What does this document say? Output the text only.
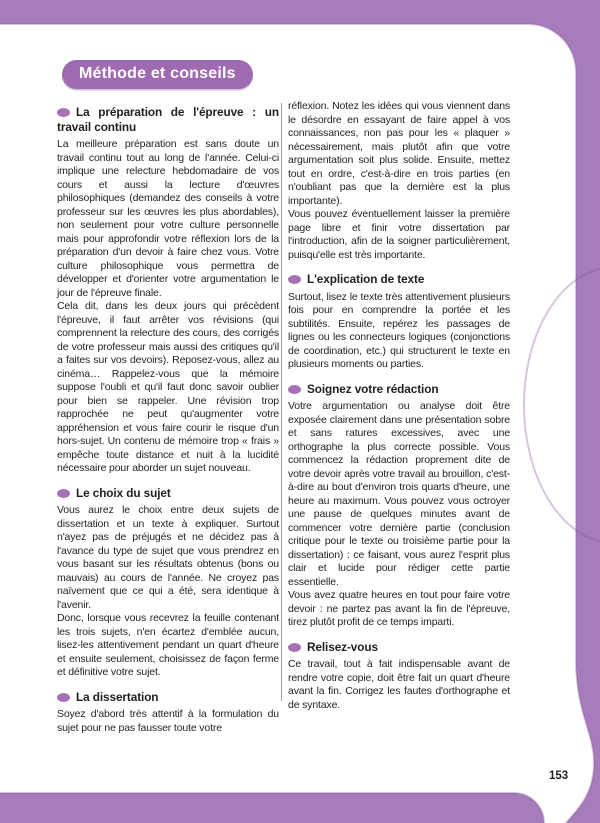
Méthode et conseils
La préparation de l'épreuve : un travail continu

La meilleure préparation est sans doute un travail continu tout au long de l'année. Celui-ci implique une relecture hebdomadaire de vos cours et aussi la lecture d'œuvres philosophiques (demandez des conseils à votre professeur sur les œuvres les plus abordables), non seulement pour votre culture personnelle mais pour approfondir votre réflexion lors de la préparation d'un devoir à faire chez vous. Votre culture philosophique vous permettra de développer et d'orienter votre argumentation le jour de l'épreuve finale.

Cela dit, dans les deux jours qui précèdent l'épreuve, il faut arrêter vos révisions (qui comprennent la relecture des cours, des corrigés de votre professeur mais aussi des critiques qu'il a faites sur vos devoirs). Reposez-vous, allez au cinéma… Rappelez-vous que la mémoire suppose l'oubli et qu'il faut donc savoir oublier pour bien se rappeler. Une révision trop rapprochée ne peut qu'augmenter votre appréhension et vous faire courir le risque d'un hors-sujet. Un contenu de mémoire trop « frais » empêche toute distance et nuit à la lucidité nécessaire pour aborder un sujet nouveau.

Le choix du sujet

Vous aurez le choix entre deux sujets de dissertation et un texte à expliquer. Surtout n'ayez pas de préjugés et ne décidez pas à l'avance du type de sujet que vous prendrez en vous basant sur les résultats obtenus (bons ou mauvais) au cours de l'année. Ne croyez pas naïvement que ce qui a été, sera identique à l'avenir.

Donc, lorsque vous recevrez la feuille contenant les trois sujets, n'en écartez d'emblée aucun, lisez-les attentivement pendant un quart d'heure et ensuite seulement, choisissez de façon ferme et définitive votre sujet.

La dissertation

Soyez d'abord très attentif à la formulation du sujet pour ne pas fausser toute votre

réflexion. Notez les idées qui vous viennent dans le désordre en essayant de faire appel à vos connaissances, non pas pour les « plaquer » nécessairement, mais plutôt afin que votre argumentation soit plus solide. Ensuite, mettez tout en ordre, c'est-à-dire en trois parties (en n'oubliant pas que la dernière est la plus importante).

Vous pouvez éventuellement laisser la première page libre et finir votre dissertation par l'introduction, afin de la soigner particulièrement, puisqu'elle est très importante.

L'explication de texte

Surtout, lisez le texte très attentivement plusieurs fois pour en comprendre la portée et les subtilités. Ensuite, repérez les passages de lignes ou les connecteurs logiques (conjonctions de coordination, etc.) qui structurent le texte en plusieurs moments ou parties.

Soignez votre rédaction

Votre argumentation ou analyse doit être exposée clairement dans une présentation sobre et sans ratures excessives, avec une orthographe la plus correcte possible. Vous commencez la rédaction proprement dite de votre devoir après votre travail au brouillon, c'est-à-dire au bout d'environ trois quarts d'heure, une heure au maximum. Vous pouvez vous octroyer une pause de quelques minutes avant de commencer votre dernière partie (conclusion critique pour le texte ou troisième partie pour la dissertation) : ce faisant, vous aurez l'esprit plus clair et lucide pour rédiger cette partie essentielle.

Vous avez quatre heures en tout pour faire votre devoir : ne partez pas avant la fin de l'épreuve, tirez plutôt profit de ce temps imparti.

Relisez-vous

Ce travail, tout à fait indispensable avant de rendre votre copie, doit être fait un quart d'heure avant la fin. Corrigez les fautes d'orthographe et de syntaxe.

Philosophie
153
